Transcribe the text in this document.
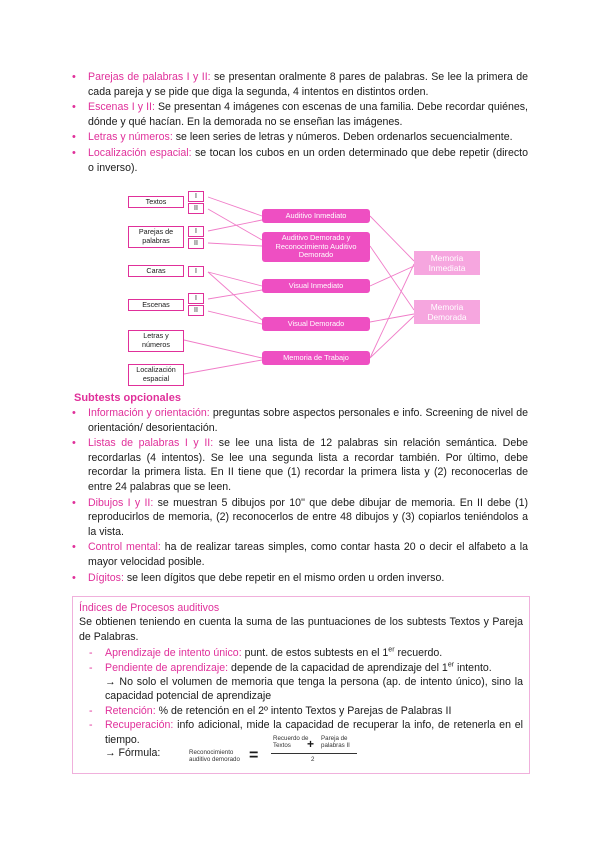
• Parejas de palabras I y II: se presentan oralmente 8 pares de palabras. Se lee la primera de cada pareja y se pide que diga la segunda, 4 intentos en distintos orden.
• Escenas I y II: Se presentan 4 imágenes con escenas de una familia. Debe recordar quiénes, dónde y qué hacían. En la demorada no se enseñan las imágenes.
• Letras y números: se leen series de letras y números. Deben ordenarlos secuencialmente.
• Localización espacial: se tocan los cubos en un orden determinado que debe repetir (directo o inverso).
Textos
Parejas de palabras
Caras
Escenas
Letras y números
Localización espacial
I
II
I
II
I
I
II
Auditivo Inmediato
Auditivo Demorado y Reconocimiento Auditivo Demorado
Visual Inmediato
Visual Demorado
Memoria de Trabajo
Memoria Inmediata
Memoria Demorada
Subtests opcionales
• Información y orientación: preguntas sobre aspectos personales e info. Screening de nivel de orientación/ desorientación.
• Listas de palabras I y II: se lee una lista de 12 palabras sin relación semántica. Debe recordarlas (4 intentos). Se lee una segunda lista a recordar también. Por último, debe recordar la primera lista. En II tiene que (1) recordar la primera lista y (2) reconocerlas de entre 24 palabras que se leen.
• Dibujos I y II: se muestran 5 dibujos por 10'' que debe dibujar de memoria. En II debe (1) reproducirlos de memoria, (2) reconocerlos de entre 48 dibujos y (3) copiarlos teniéndolos a la vista.
• Control mental: ha de realizar tareas simples, como contar hasta 20 o decir el alfabeto a la mayor velocidad posible.
• Dígitos: se leen dígitos que debe repetir en el mismo orden u orden inverso.
Índices de Procesos auditivos
Se obtienen teniendo en cuenta la suma de las puntuaciones de los subtests Textos y Pareja de Palabras.
- Aprendizaje de intento único: punt. de estos subtests en el 1er recuerdo.
- Pendiente de aprendizaje: depende de la capacidad de aprendizaje del 1er intento.
→ No solo el volumen de memoria que tenga la persona (ap. de intento único), sino la capacidad potencial de aprendizaje
- Retención: % de retención en el 2º intento Textos y Parejas de Palabras II
- Recuperación: info adicional, mide la capacidad de recuperar la info, de retenerla en el tiempo.
→ Fórmula:	Reconocimiento auditivo demorado =
Recuerdo de Textos	+ Pareja de palabras II
2
